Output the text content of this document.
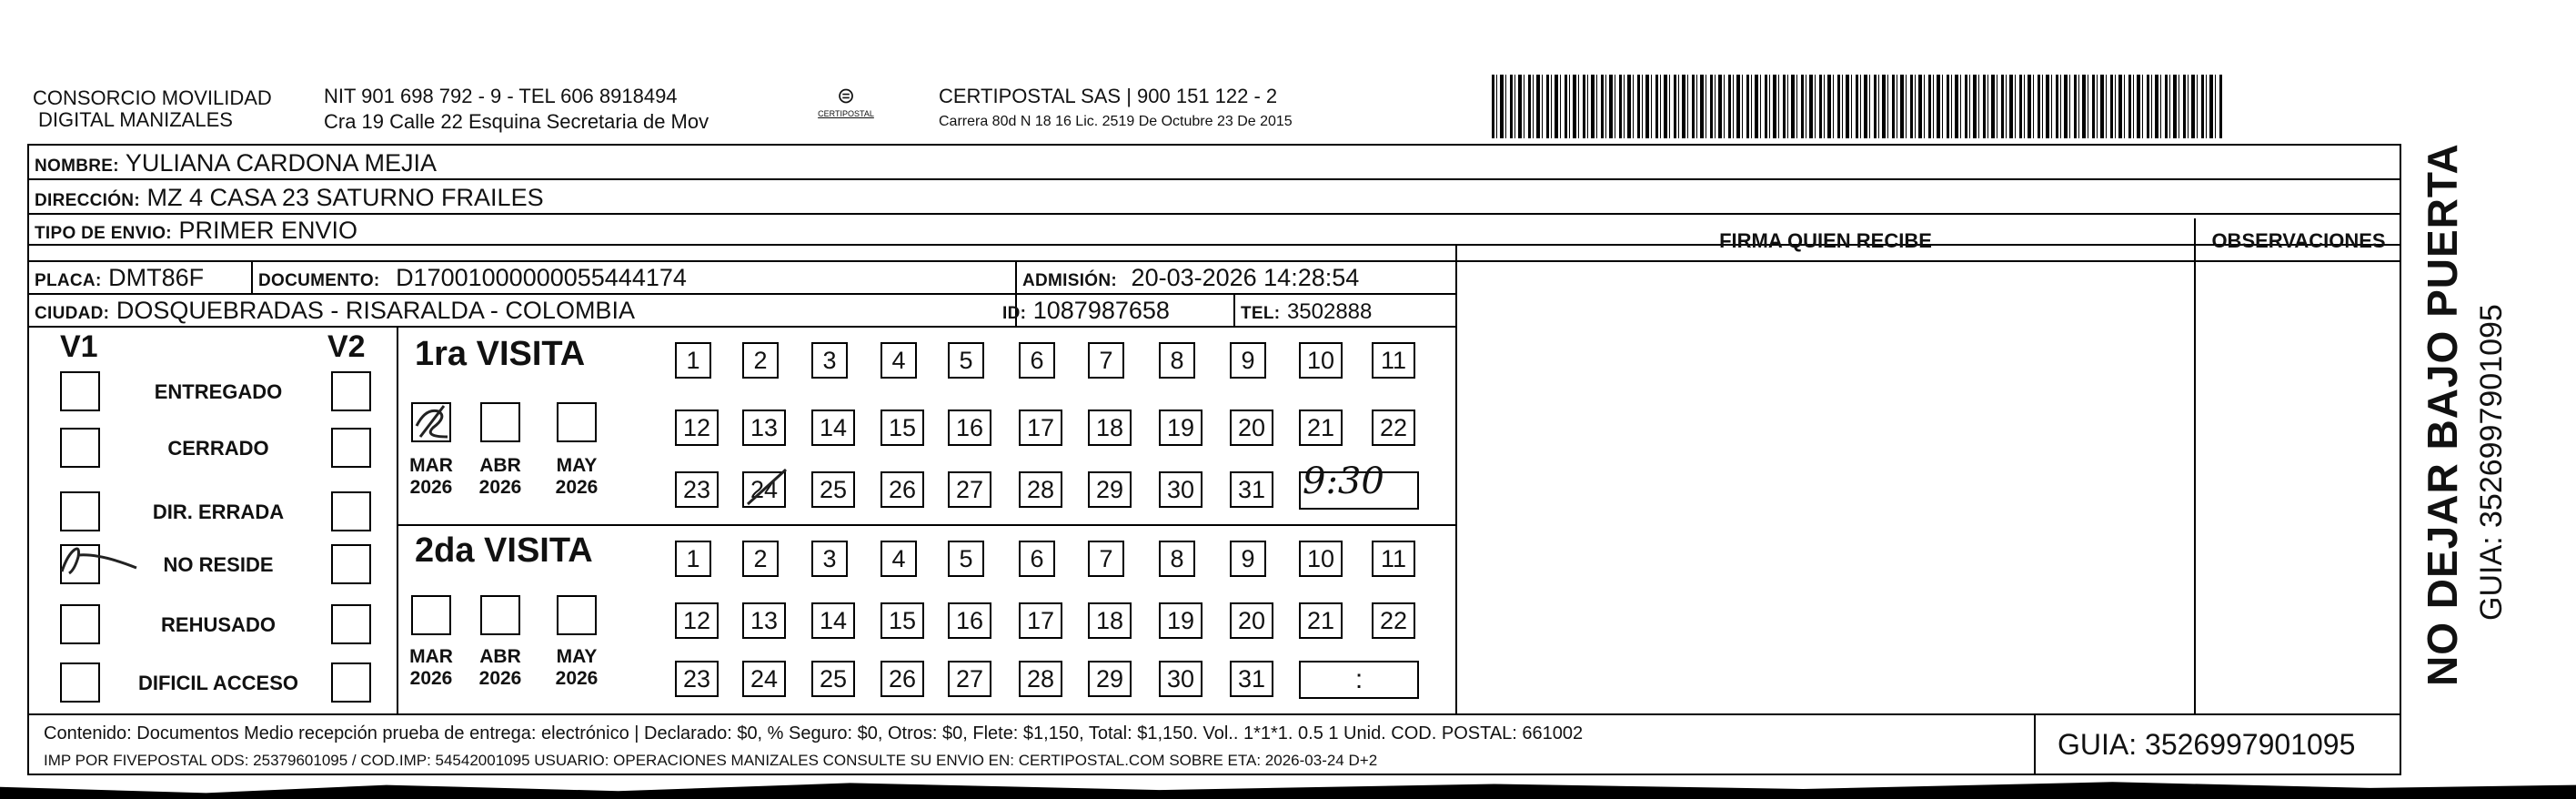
CONSORCIO MOVILIDAD
DIGITAL MANIZALES
NIT 901 698 792 - 9 - TEL 606 8918494
Cra 19 Calle 22 Esquina Secretaria de Mov
⊜
CERTIPOSTAL
CERTIPOSTAL SAS | 900 151 122 - 2
Carrera 80d N 18 16 Lic. 2519 De Octubre 23 De 2015
NOMBRE: YULIANA CARDONA MEJIA
DIRECCIÓN: MZ 4 CASA 23 SATURNO FRAILES
TIPO DE ENVIO: PRIMER ENVIO
PLACA: DMT86F	DOCUMENTO: D17001000000055444174	ADMISIÓN: 20-03-2026 14:28:54
CIUDAD: DOSQUEBRADAS - RISARALDA - COLOMBIA	ID: 1087987658	TEL: 3502888
FIRMA QUIEN RECIBE	OBSERVACIONES
V1	V2
ENTREGADO
CERRADO
DIR. ERRADA
NO RESIDE
REHUSADO
DIFICIL ACCESO
1ra VISITA
MAR
2026
ABR
2026
MAY
2026
1	2	3	4	5	6	7	8	9	10	11
12	13	14	15	16	17	18	19	20	21	22
23	24	25	26	27	28	29	30	31
2da VISITA
MAR
2026
ABR
2026
MAY
2026
1	2	3	4	5	6	7	8	9	10	11
12	13	14	15	16	17	18	19	20	21	22
23	24	25	26	27	28	29	30	31	:
9:30
Contenido: Documentos Medio recepción prueba de entrega: electrónico | Declarado: $0, % Seguro: $0, Otros: $0, Flete: $1,150, Total: $1,150. Vol.. 1*1*1. 0.5 1 Unid. COD. POSTAL: 661002
IMP POR FIVEPOSTAL ODS: 25379601095 / COD.IMP: 54542001095 USUARIO: OPERACIONES MANIZALES CONSULTE SU ENVIO EN: CERTIPOSTAL.COM SOBRE ETA: 2026-03-24 D+2	GUIA: 3526997901095
NO DEJAR BAJO PUERTA GUIA: 3526997901095
